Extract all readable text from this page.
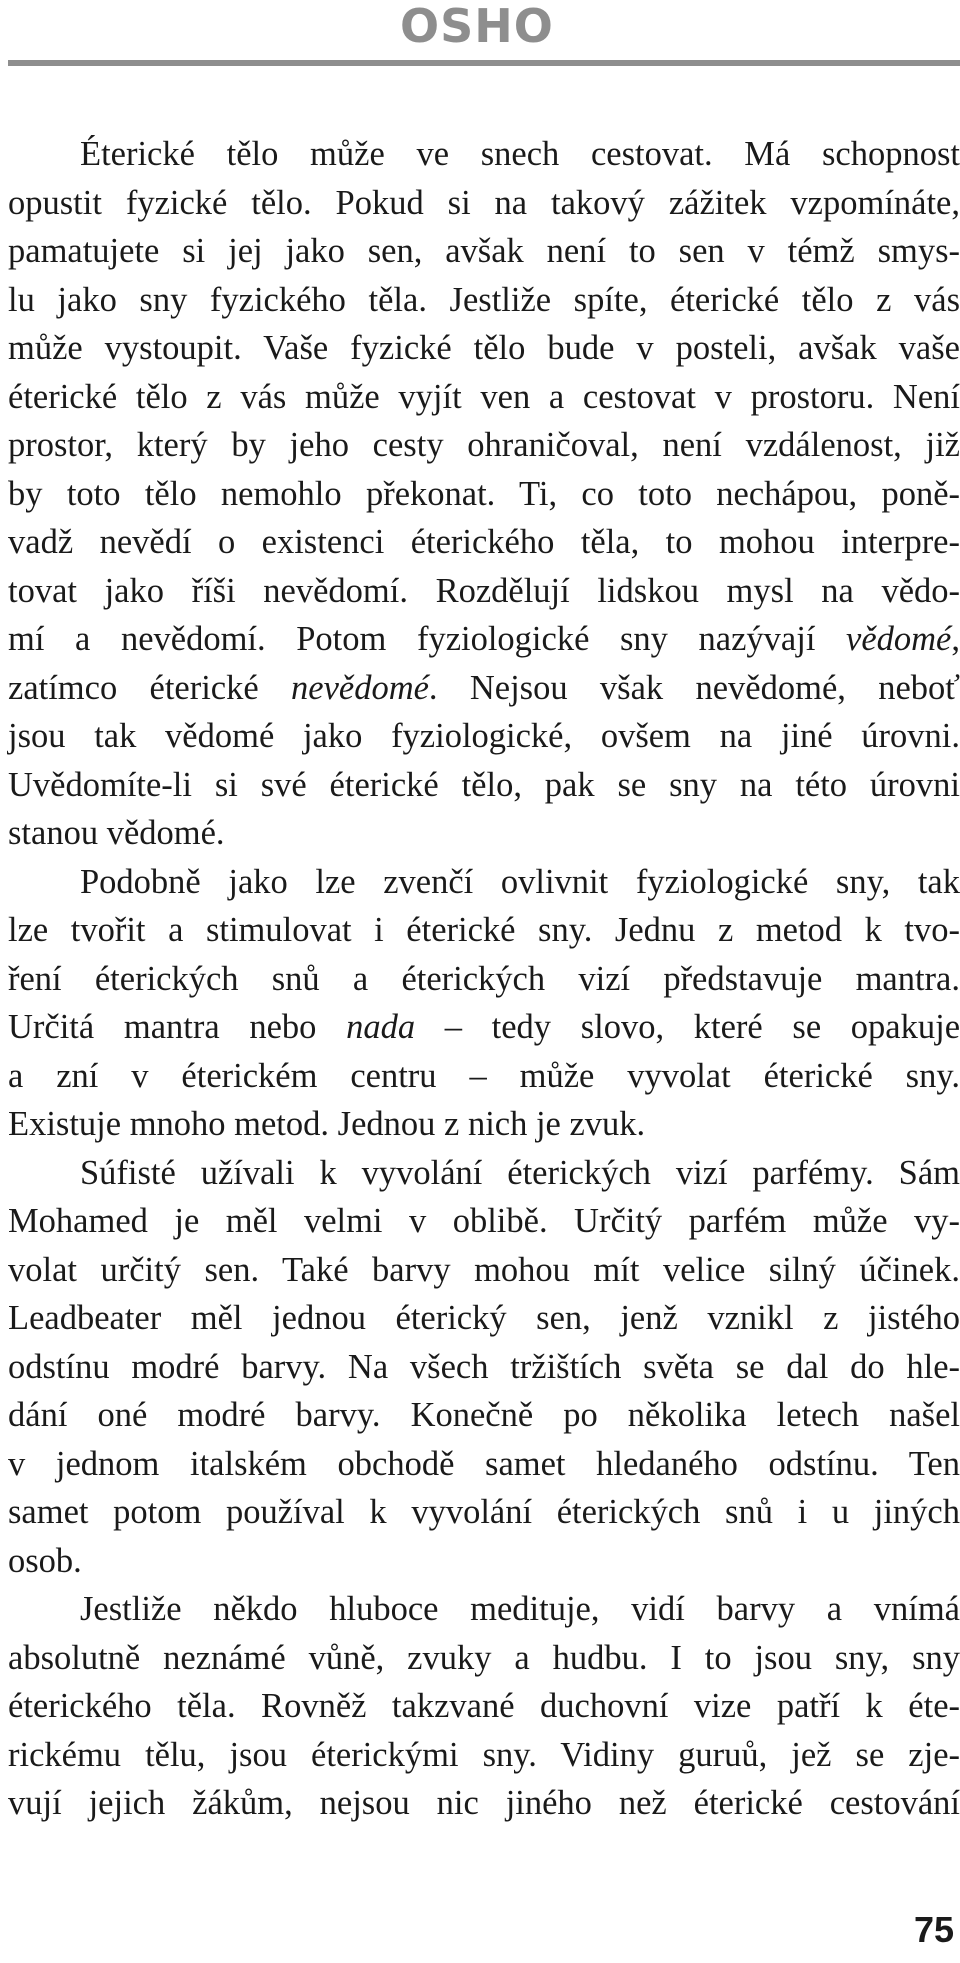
OSHO
Éterické tělo může ve snech cestovat. Má schopnost
opustit fyzické tělo. Pokud si na takový zážitek vzpomínáte,
pamatujete si jej jako sen, avšak není to sen v témž smys-
lu jako sny fyzického těla. Jestliže spíte, éterické tělo z vás
může vystoupit. Vaše fyzické tělo bude v posteli, avšak vaše
éterické tělo z vás může vyjít ven a cestovat v prostoru. Není
prostor, který by jeho cesty ohraničoval, není vzdálenost, již
by toto tělo nemohlo překonat. Ti, co toto nechápou, poně-
vadž nevědí o existenci éterického těla, to mohou interpre-
tovat jako říši nevědomí. Rozdělují lidskou mysl na vědo-
mí a nevědomí. Potom fyziologické sny nazývají vědomé,
zatímco éterické nevědomé. Nejsou však nevědomé, neboť
jsou tak vědomé jako fyziologické, ovšem na jiné úrovni.
Uvědomíte-li si své éterické tělo, pak se sny na této úrovni
stanou vědomé.
Podobně jako lze zvenčí ovlivnit fyziologické sny, tak
lze tvořit a stimulovat i éterické sny. Jednu z metod k tvo-
ření éterických snů a éterických vizí představuje mantra.
Určitá mantra nebo nada – tedy slovo, které se opakuje
a zní v éterickém centru – může vyvolat éterické sny.
Existuje mnoho metod. Jednou z nich je zvuk.
Súfisté užívali k vyvolání éterických vizí parfémy. Sám
Mohamed je měl velmi v oblibě. Určitý parfém může vy-
volat určitý sen. Také barvy mohou mít velice silný účinek.
Leadbeater měl jednou éterický sen, jenž vznikl z jistého
odstínu modré barvy. Na všech tržištích světa se dal do hle-
dání oné modré barvy. Konečně po několika letech našel
v jednom italském obchodě samet hledaného odstínu. Ten
samet potom používal k vyvolání éterických snů i u jiných
osob.
Jestliže někdo hluboce medituje, vidí barvy a vnímá
absolutně neznámé vůně, zvuky a hudbu. I to jsou sny, sny
éterického těla. Rovněž takzvané duchovní vize patří k éte-
rickému tělu, jsou éterickými sny. Vidiny guruů, jež se zje-
vují jejich žákům, nejsou nic jiného než éterické cestování
75
